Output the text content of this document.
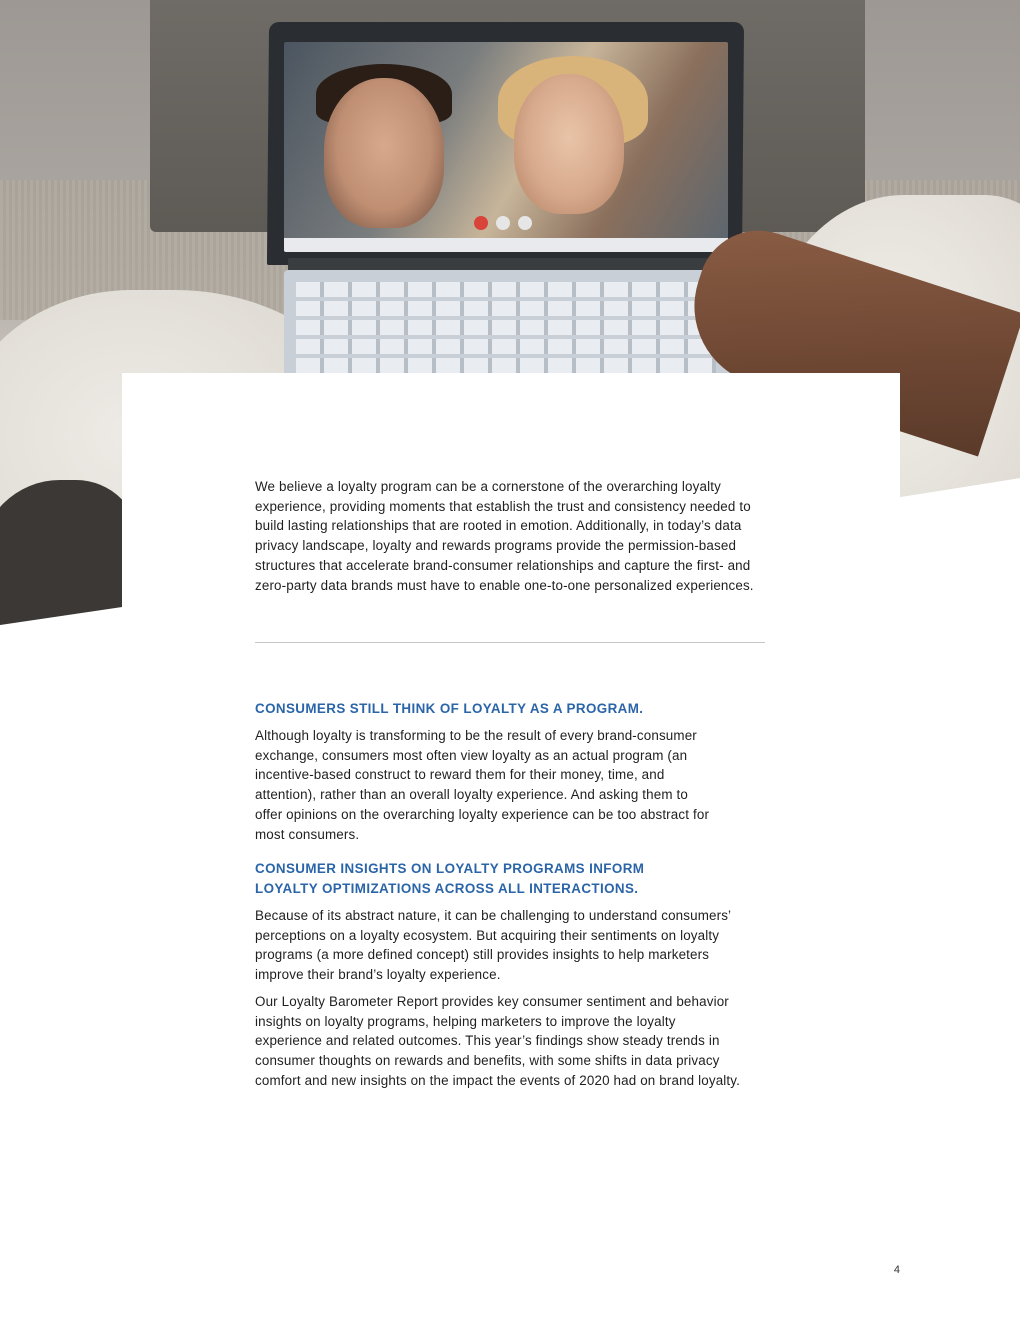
We believe a loyalty program can be a cornerstone of the overarching loyalty experience, providing moments that establish the trust and consistency needed to build lasting relationships that are rooted in emotion. Additionally, in today’s data privacy landscape, loyalty and rewards programs provide the permission-based structures that accelerate brand-consumer relationships and capture the first- and zero-party data brands must have to enable one-to-one personalized experiences.

CONSUMERS STILL THINK OF LOYALTY AS A PROGRAM.

Although loyalty is transforming to be the result of every brand-consumer exchange, consumers most often view loyalty as an actual program (an incentive-based construct to reward them for their money, time, and attention), rather than an overall loyalty experience. And asking them to offer opinions on the overarching loyalty experience can be too abstract for most consumers.

CONSUMER INSIGHTS ON LOYALTY PROGRAMS INFORM LOYALTY OPTIMIZATIONS ACROSS ALL INTERACTIONS.

Because of its abstract nature, it can be challenging to understand consumers’ perceptions on a loyalty ecosystem. But acquiring their sentiments on loyalty programs (a more defined concept) still provides insights to help marketers improve their brand’s loyalty experience.

Our Loyalty Barometer Report provides key consumer sentiment and behavior insights on loyalty programs, helping marketers to improve the loyalty experience and related outcomes. This year’s findings show steady trends in consumer thoughts on rewards and benefits, with some shifts in data privacy comfort and new insights on the impact the events of 2020 had on brand loyalty.

4
